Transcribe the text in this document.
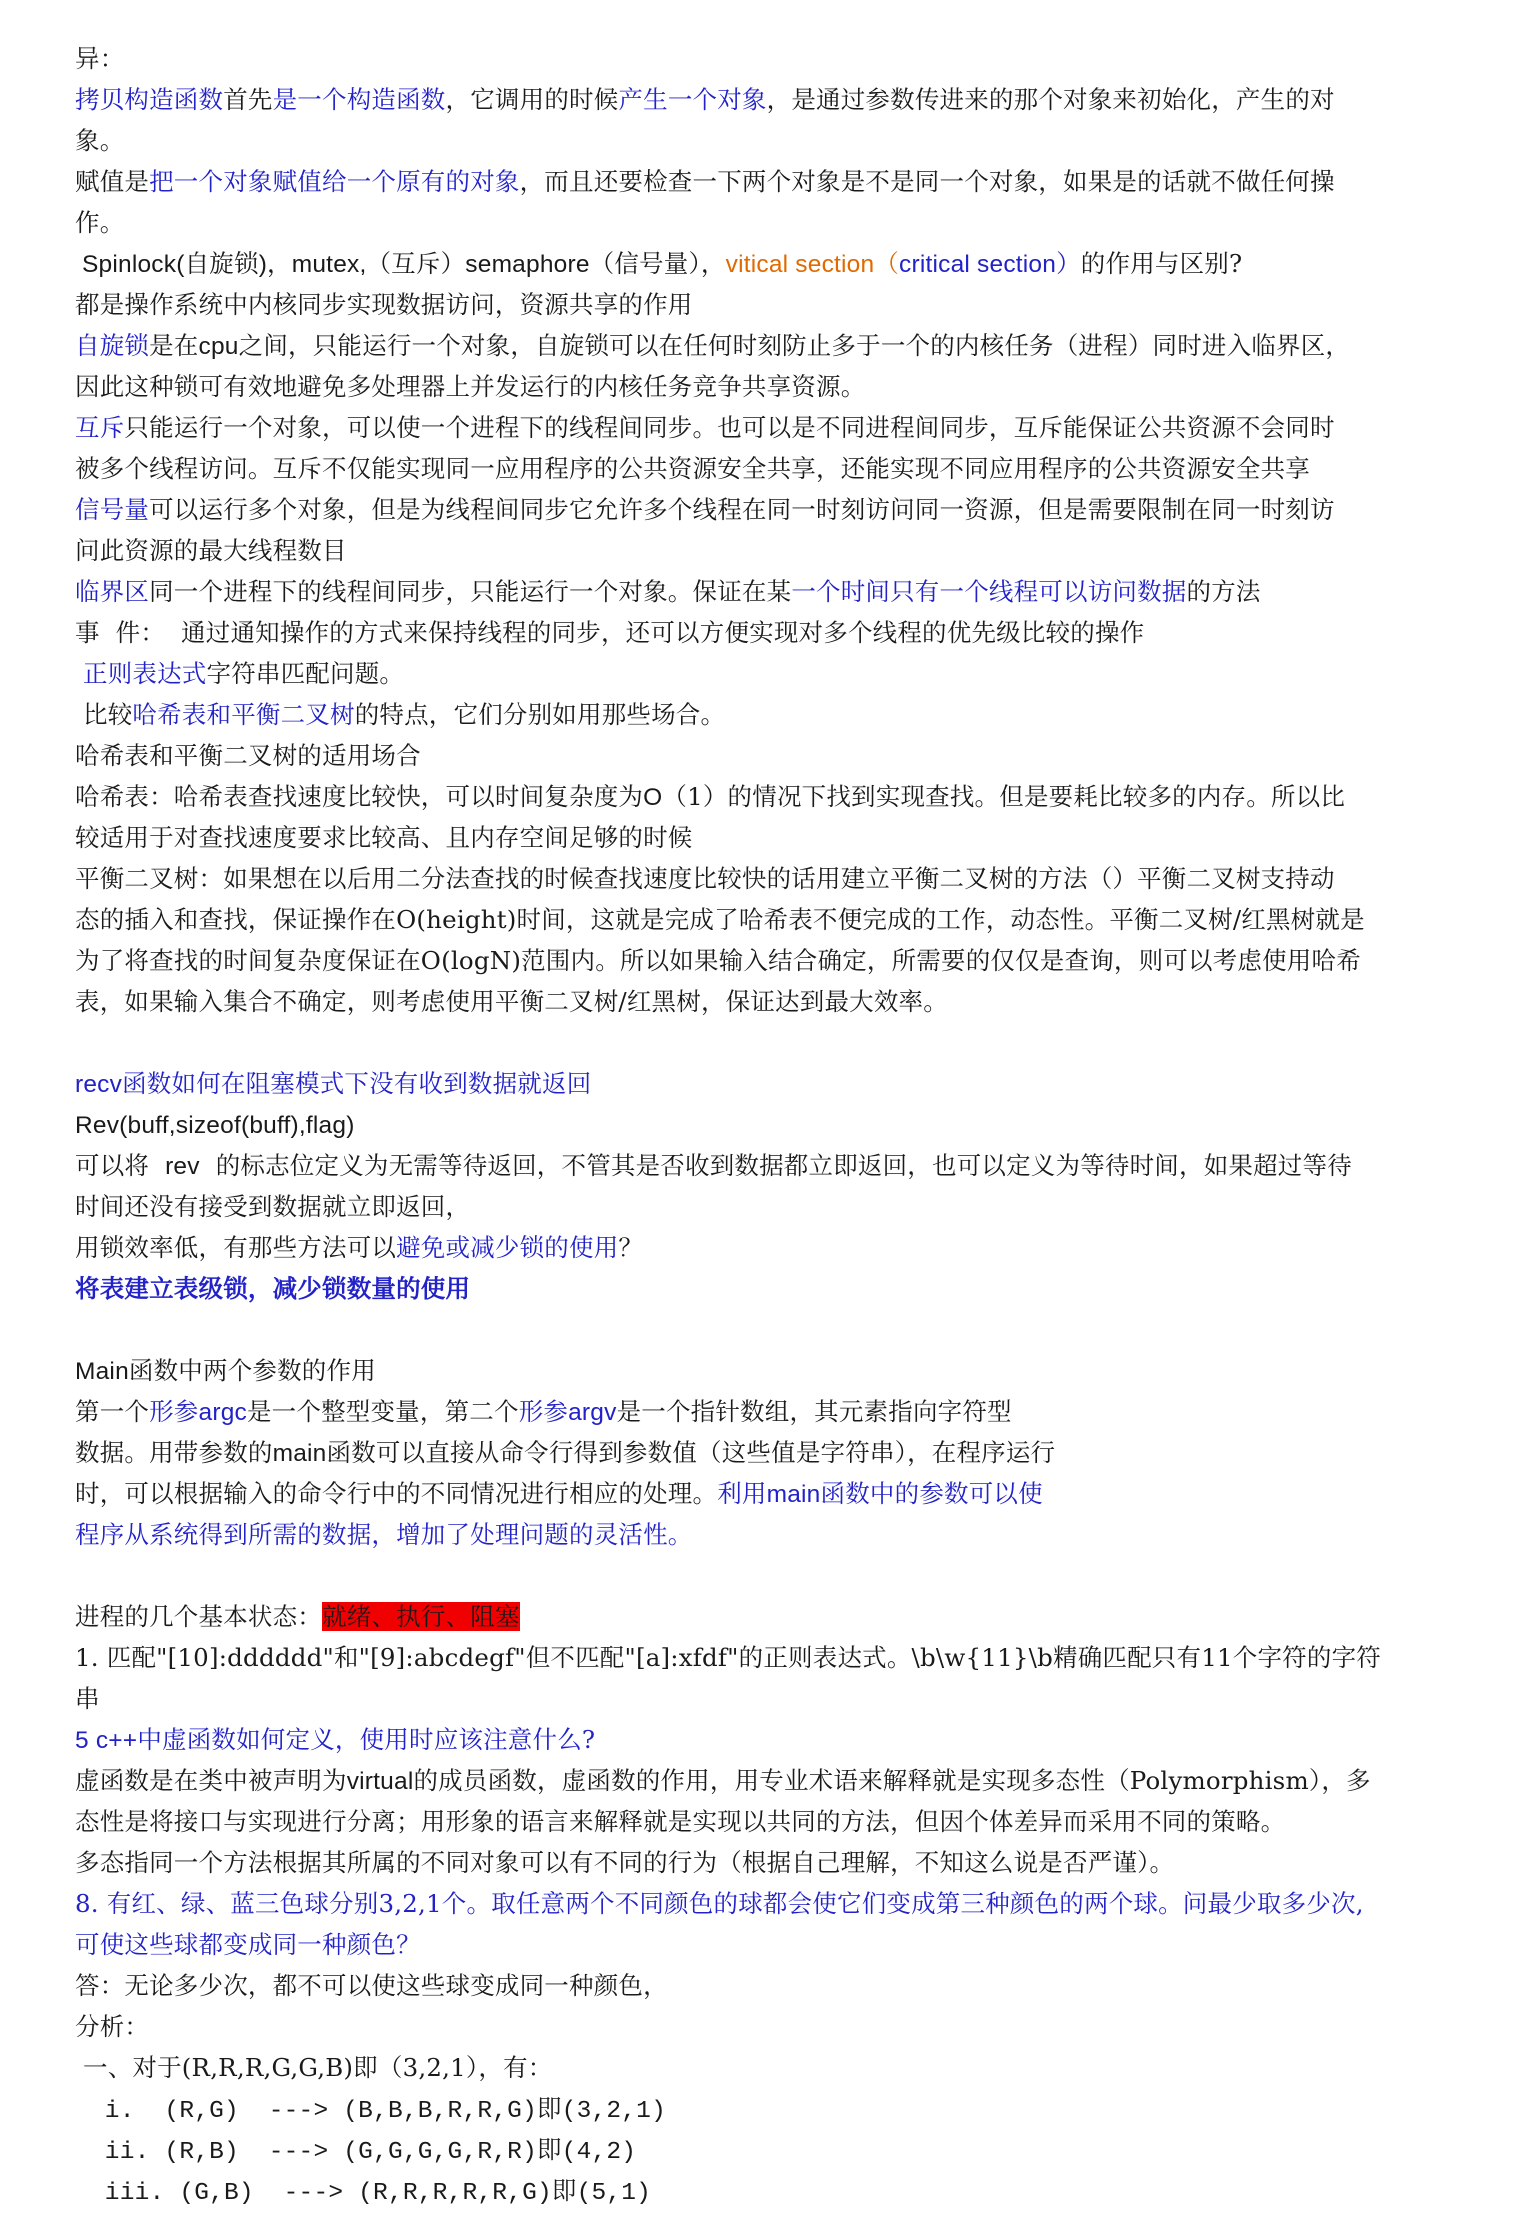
异：
拷贝构造函数首先是一个构造函数，它调用的时候产生一个对象，是通过参数传进来的那个对象来初始化，产生的对
象。
赋值是把一个对象赋值给一个原有的对象，而且还要检查一下两个对象是不是同一个对象，如果是的话就不做任何操
作。
Spinlock(自旋锁)，mutex,（互斥）semaphore（信号量），vitical section（critical section）的作用与区别?
都是操作系统中内核同步实现数据访问，资源共享的作用
自旋锁是在cpu之间，只能运行一个对象，自旋锁可以在任何时刻防止多于一个的内核任务（进程）同时进入临界区，
因此这种锁可有效地避免多处理器上并发运行的内核任务竞争共享资源。
互斥只能运行一个对象，可以使一个进程下的线程间同步。也可以是不同进程间同步，互斥能保证公共资源不会同时
被多个线程访问。互斥不仅能实现同一应用程序的公共资源安全共享，还能实现不同应用程序的公共资源安全共享
信号量可以运行多个对象，但是为线程间同步它允许多个线程在同一时刻访问同一资源，但是需要限制在同一时刻访
问此资源的最大线程数目
临界区同一个进程下的线程间同步，只能运行一个对象。保证在某一个时间只有一个线程可以访问数据的方法
事  件：  通过通知操作的方式来保持线程的同步，还可以方便实现对多个线程的优先级比较的操作
正则表达式字符串匹配问题。
比较哈希表和平衡二叉树的特点，它们分别如用那些场合。
哈希表和平衡二叉树的适用场合
哈希表：哈希表查找速度比较快，可以时间复杂度为O（1）的情况下找到实现查找。但是要耗比较多的内存。所以比
较适用于对查找速度要求比较高、且内存空间足够的时候
平衡二叉树：如果想在以后用二分法查找的时候查找速度比较快的话用建立平衡二叉树的方法（）平衡二叉树支持动
态的插入和查找，保证操作在O(height)时间，这就是完成了哈希表不便完成的工作，动态性。平衡二叉树/红黑树就是
为了将查找的时间复杂度保证在O(logN)范围内。所以如果输入结合确定，所需要的仅仅是查询，则可以考虑使用哈希
表，如果输入集合不确定，则考虑使用平衡二叉树/红黑树，保证达到最大效率。
recv函数如何在阻塞模式下没有收到数据就返回
Rev(buff,sizeof(buff),flag)
可以将  rev  的标志位定义为无需等待返回，不管其是否收到数据都立即返回，也可以定义为等待时间，如果超过等待
时间还没有接受到数据就立即返回，
用锁效率低，有那些方法可以避免或减少锁的使用？
将表建立表级锁，减少锁数量的使用
Main函数中两个参数的作用
第一个形参argc是一个整型变量，第二个形参argv是一个指针数组，其元素指向字符型
数据。用带参数的main函数可以直接从命令行得到参数值（这些值是字符串），在程序运行
时，可以根据输入的命令行中的不同情况进行相应的处理。利用main函数中的参数可以使
程序从系统得到所需的数据，增加了处理问题的灵活性。
进程的几个基本状态：就绪、执行、阻塞
1. 匹配"[10]:dddddd"和"[9]:abcdegf"但不匹配"[a]:xfdf"的正则表达式。\b\w{11}\b精确匹配只有11个字符的字符
串
5 c++中虚函数如何定义，使用时应该注意什么?
虚函数是在类中被声明为virtual的成员函数，虚函数的作用，用专业术语来解释就是实现多态性（Polymorphism），多
态性是将接口与实现进行分离；用形象的语言来解释就是实现以共同的方法，但因个体差异而采用不同的策略。
多态指同一个方法根据其所属的不同对象可以有不同的行为（根据自己理解，不知这么说是否严谨）。
8. 有红、绿、蓝三色球分别3,2,1个。取任意两个不同颜色的球都会使它们变成第三种颜色的两个球。问最少取多少次,
可使这些球都变成同一种颜色？
答：无论多少次，都不可以使这些球变成同一种颜色，
分析：
一、对于(R,R,R,G,G,B)即（3,2,1），有：
i.  (R,G)  ---> (B,B,B,R,R,G)即(3,2,1)
ii. (R,B)  ---> (G,G,G,G,R,R)即(4,2)
iii. (G,B)  ---> (R,R,R,R,R,G)即(5,1)
